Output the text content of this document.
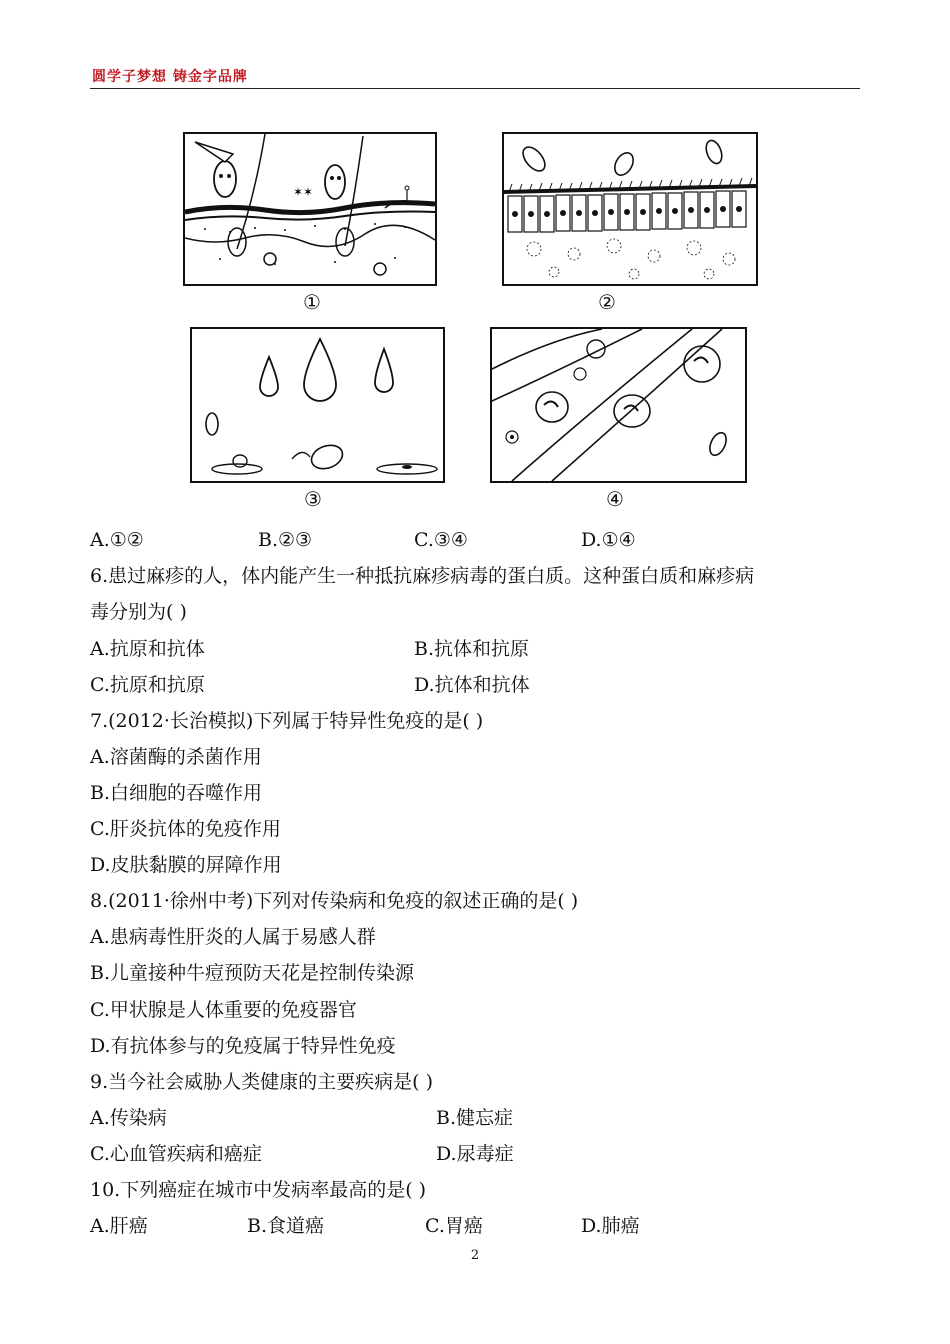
圆学子梦想 铸金字品牌
✶✶
①	②
③	④
A.①②	B.②③	C.③④	D.①④
6.患过麻疹的人，体内能产生一种抵抗麻疹病毒的蛋白质。这种蛋白质和麻疹病
毒分别为( )
A.抗原和抗体	B.抗体和抗原
C.抗原和抗原	D.抗体和抗体
7.(2012·长治模拟)下列属于特异性免疫的是( )
A.溶菌酶的杀菌作用
B.白细胞的吞噬作用
C.肝炎抗体的免疫作用
D.皮肤黏膜的屏障作用
8.(2011·徐州中考)下列对传染病和免疫的叙述正确的是( )
A.患病毒性肝炎的人属于易感人群
B.儿童接种牛痘预防天花是控制传染源
C.甲状腺是人体重要的免疫器官
D.有抗体参与的免疫属于特异性免疫
9.当今社会威胁人类健康的主要疾病是( )
A.传染病	B.健忘症
C.心血管疾病和癌症	D.尿毒症
10.下列癌症在城市中发病率最高的是( )
A.肝癌	B.食道癌	C.胃癌	D.肺癌
2
